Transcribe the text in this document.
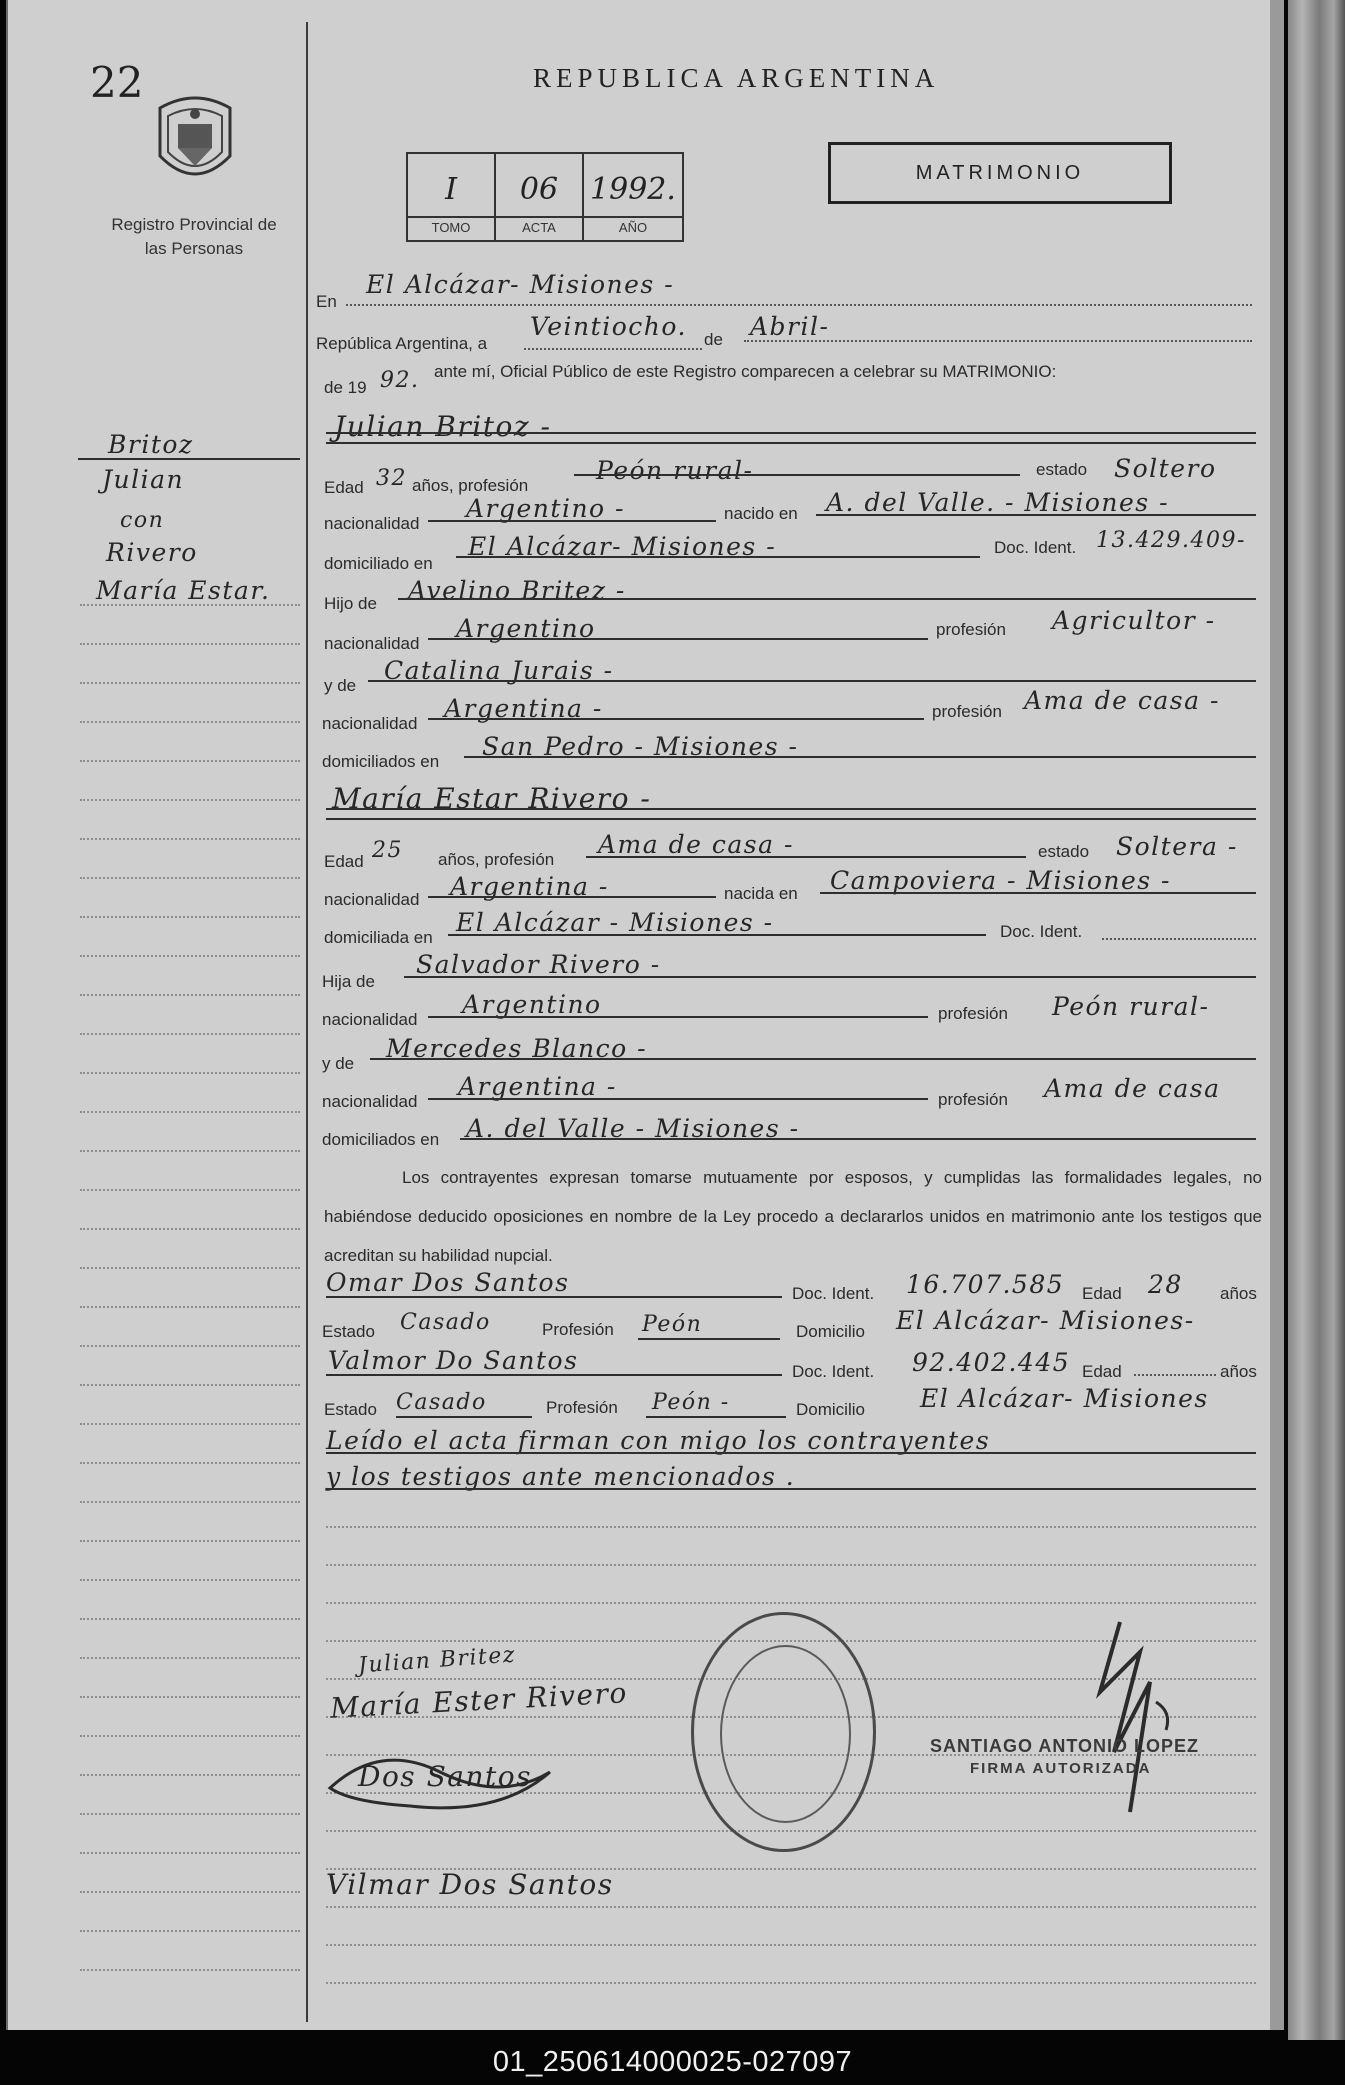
22
Registro Provincial de las Personas
REPUBLICA ARGENTINA
MATRIMONIO
I
TOMO
06
ACTA
1992.
AÑO
Britoz
Julian
con
Rivero
María Estar.
En
El Alcázar- Misiones -
República Argentina, a
Veintiocho. de Abril-
de 19 92. ante mí, Oficial Público de este Registro comparecen a celebrar su MATRIMONIO:
Julian Britoz -
Edad 32 años, profesión
Peón rural-	estado Soltero
nacionalidad
Argentino -	nacido en A. del Valle. - Misiones -
domiciliado en
El Alcázar- Misiones -	Doc. Ident. 13.429.409-
Hijo de Avelino Britez -
nacionalidad
Argentino	profesión Agricultor -
y de
Catalina Jurais -
nacionalidad
Argentina -	profesión Ama de casa -
domiciliados en
San Pedro - Misiones -
María Estar Rivero -
Edad 25 años, profesión
Ama de casa -	estado Soltera -
nacionalidad Argentina -	nacida en Campoviera - Misiones -
domiciliada en
El Alcázar - Misiones -	Doc. Ident.
Hija de
Salvador Rivero -
nacionalidad
Argentino	profesión Peón rural-
y de
Mercedes Blanco -
nacionalidad
Argentina -	profesión Ama de casa
domiciliados en A. del Valle - Misiones -
Los contrayentes expresan tomarse mutuamente por esposos, y cumplidas las formalidades legales, no habiéndose deducido oposiciones en nombre de la Ley procedo a declararlos unidos en matrimonio ante los testigos que acreditan su habilidad nupcial.
Omar Dos Santos	Doc. Ident. 16.707.585 Edad 28 años
Estado Casado	Profesión Peón	Domicilio El Alcázar- Misiones-
Valmor Do Santos	Doc. Ident. 92.402.445 Edad	años
Estado Casado	Profesión Peón -	Domicilio El Alcázar- Misiones
Leído el acta firman con migo los contrayentes
y los testigos ante mencionados .
Julian Britez
María Ester Rivero
Dos Santos
Vilmar Dos Santos
SANTIAGO ANTONIO LOPEZ
FIRMA AUTORIZADA
01_250614000025-027097
